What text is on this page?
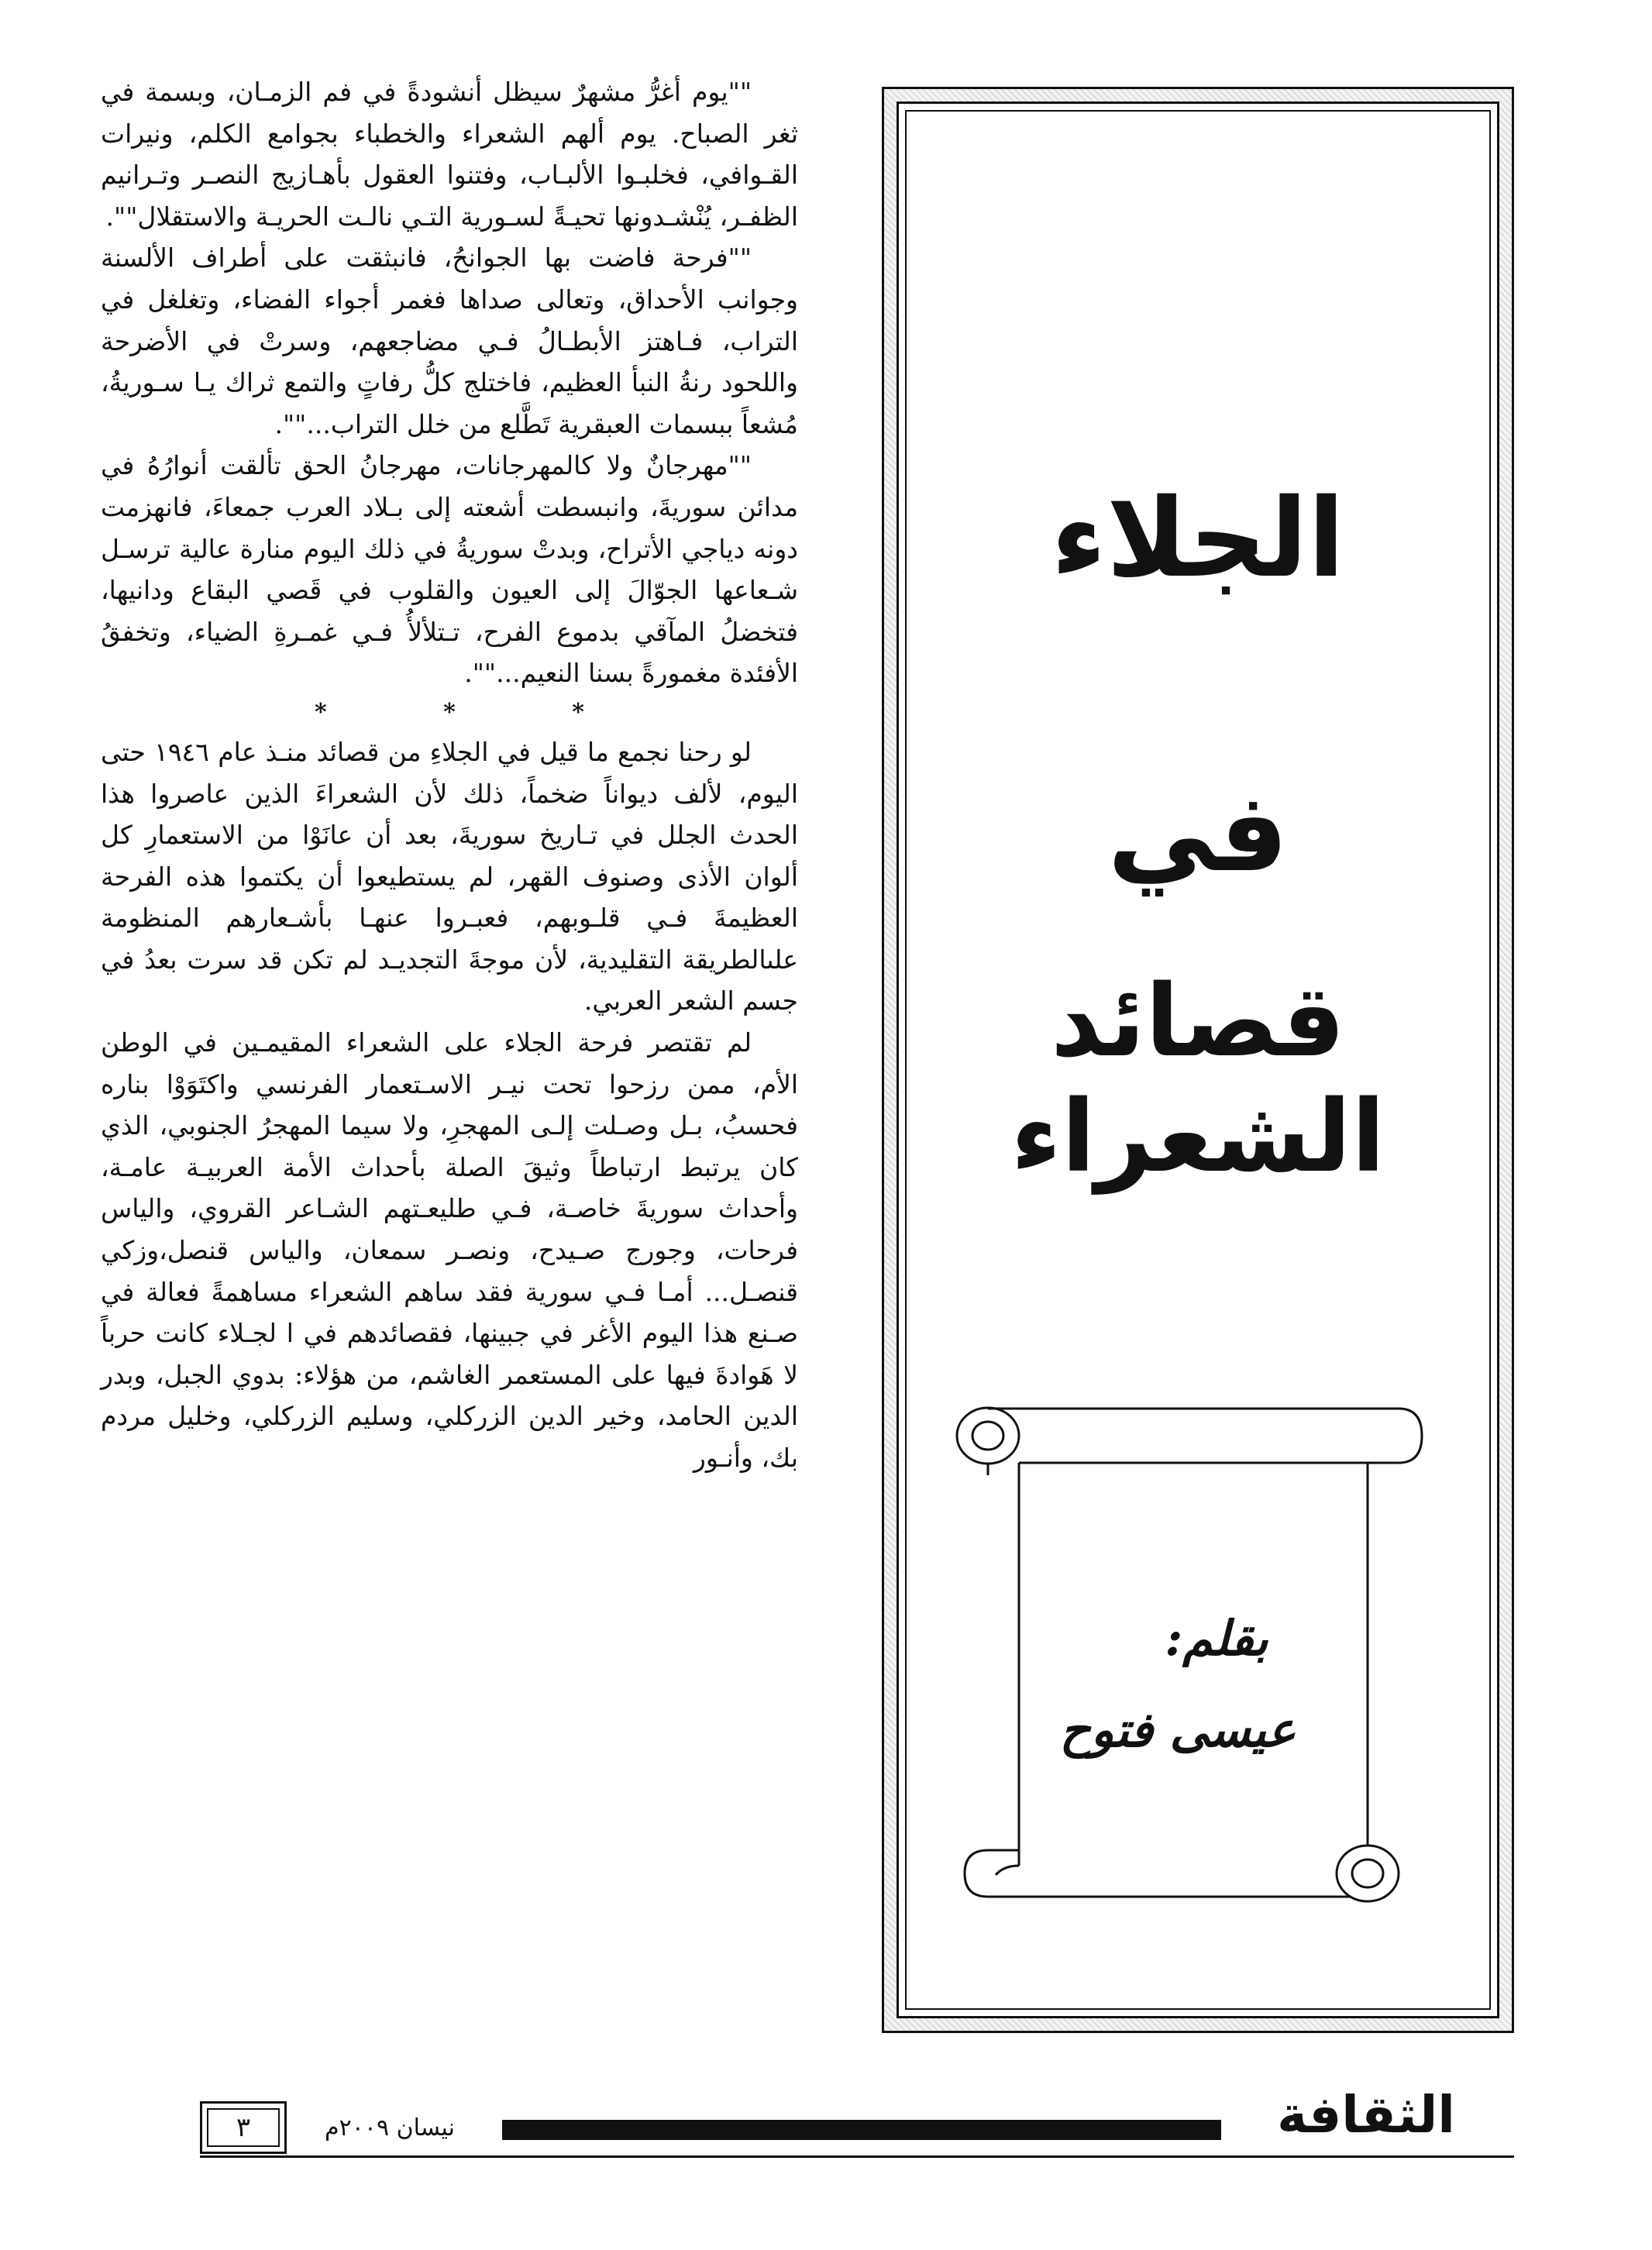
""يوم أغرُّ مشهرٌ سيظل أنشودةً في فم الزمـان، وبسمة في ثغر الصباح. يوم ألهم الشعراء والخطباء بجوامع الكلم، ونيرات القـوافي، فخلبـوا الألبـاب، وفتنوا العقول بأهـازيج النصـر وتـرانيم الظفـر، يُنْشـدونها تحيـةً لسـورية التـي نالـت الحريـة والاستقلال"".

""فرحة فاضت بها الجوانحُ، فانبثقت على أطراف الألسنة وجوانب الأحداق، وتعالى صداها فغمر أجواء الفضاء، وتغلغل في التراب، فـاهتز الأبطـالُ فـي مضاجعهم، وسرتْ في الأضرحة واللحود رنةُ النبأ العظيم، فاختلج كلُّ رفاتٍ والتمع ثراك يـا سـوريةُ، مُشعاً ببسمات العبقرية تَطَّلع من خلل التراب..."".

""مهرجانٌ ولا كالمهرجانات، مهرجانُ الحق تألقت أنوارُهُ في مدائن سوريةَ، وانبسطت أشعته إلى بـلاد العرب جمعاءَ، فانهزمت دونه دياجي الأتراح، وبدتْ سوريةُ في ذلك اليوم منارة عالية ترسـل شـعاعها الجوّالَ إلى العيون والقلوب في قَصي البقاع ودانيها، فتخضلُ المآقي بدموع الفرح، تـتلألأُ فـي غمـرةِ الضياء، وتخفقُ الأفئدة مغمورةً بسنا النعيم..."".

* * *

لو رحنا نجمع ما قيل في الجلاءِ من قصائد منـذ عام ١٩٤٦ حتى اليوم، لألف ديواناً ضخماً، ذلك لأن الشعراءَ الذين عاصروا هذا الحدث الجلل في تـاريخ سوريةَ، بعد أن عانَوْا من الاستعمارِ كل ألوان الأذى وصنوف القهر، لم يستطيعوا أن يكتموا هذه الفرحة العظيمةَ فـي قلـوبهم، فعبـروا عنهـا بأشـعارهم المنظومة علىالطريقة التقليدية، لأن موجةَ التجديـد لم تكن قد سرت بعدُ في جسم الشعر العربي.

لم تقتصر فرحة الجلاء على الشعراء المقيمـين في الوطن الأم، ممن رزحوا تحت نيـر الاسـتعمار الفرنسي واكتَوَوْا بناره فحسبُ، بـل وصـلت إلـى المهجرِ، ولا سيما المهجرُ الجنوبي، الذي كان يرتبط ارتباطاً وثيقَ الصلة بأحداث الأمة العربيـة عامـة، وأحداث سوريةَ خاصـة، فـي طليعـتهم الشـاعر القروي، والياس فرحات، وجورج صـيدح، ونصـر سمعان، والياس قنصل،وزكي قنصـل... أمـا فـي سورية فقد ساهم الشعراء مساهمةً فعالة في صـنع هذا اليوم الأغر في جبينها، فقصائدهم في ا لجـلاء كانت حرباً لا هَوادةَ فيها على المستعمر الغاشم، من هؤلاء: بدوي الجبل، وبدر الدين الحامد، وخير الدين الزركلي، وسليم الزركلي، وخليل مردم بك، وأنـور

الجلاء
في
قصائد الشعراء
بقلم:
عيسى فتوح
الثقافة
نيسان ٢٠٠٩م
٣
